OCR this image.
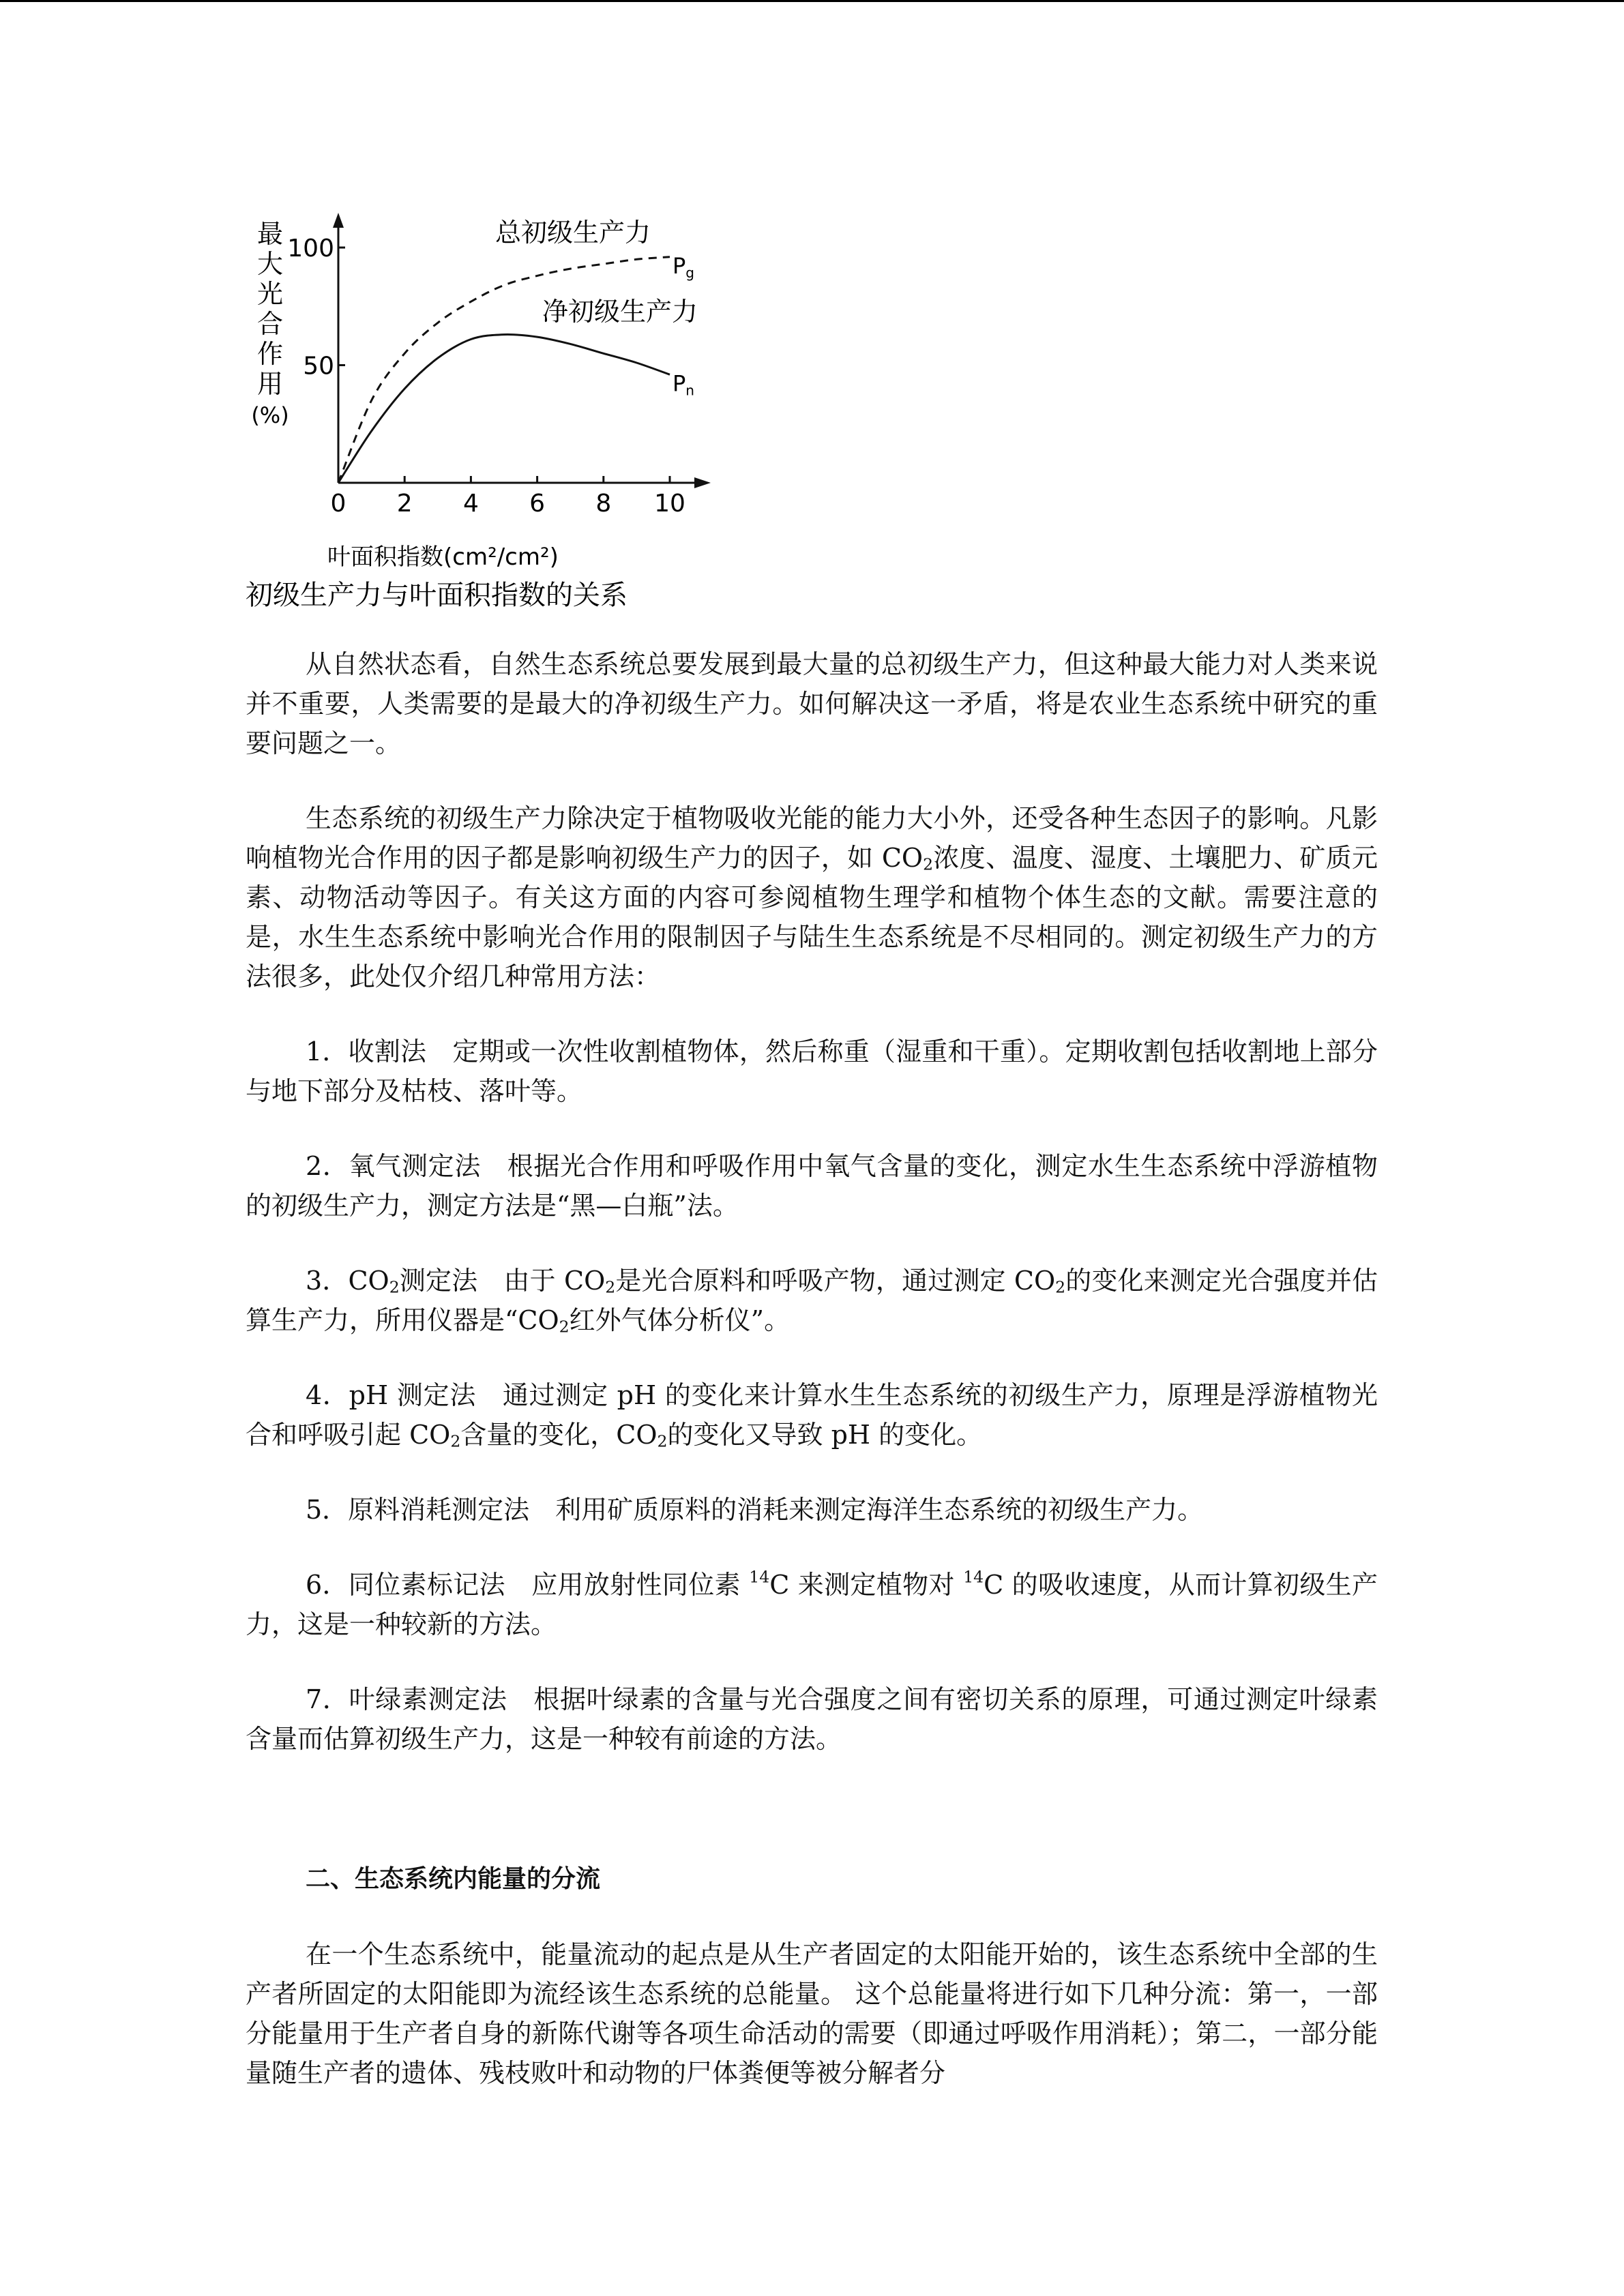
最
大
光
合
作
用
(%)
50
100
0 2 4 6 8 10
Pg
Pn
总初级生产力
净初级生产力
叶面积指数(cm²/cm²)
初级生产力与叶面积指数的关系

从自然状态看，自然生态系统总要发展到最大量的总初级生产力，但这种最大能力对人类来说并不重要，人类需要的是最大的净初级生产力。如何解决这一矛盾，将是农业生态系统中研究的重要问题之一。

生态系统的初级生产力除决定于植物吸收光能的能力大小外，还受各种生态因子的影响。凡影响植物光合作用的因子都是影响初级生产力的因子，如 $CO_2$浓度、温度、湿度、土壤肥力、矿质元素、动物活动等因子。有关这方面的内容可参阅植物生理学和植物个体生态的文献。需要注意的是，水生生态系统中影响光合作用的限制因子与陆生生态系统是不尽相同的。测定初级生产力的方法很多，此处仅介绍几种常用方法：

1．收割法　定期或一次性收割植物体，然后称重（湿重和干重）。定期收割包括收割地上部分与地下部分及枯枝、落叶等。

2．氧气测定法　根据光合作用和呼吸作用中氧气含量的变化，测定水生生态系统中浮游植物的初级生产力，测定方法是“黑—白瓶”法。

3．$CO_2$测定法　由于 $CO_2$是光合原料和呼吸产物，通过测定 $CO_2$的变化来测定光合强度并估算生产力，所用仪器是“$CO_2$红外气体分析仪”。

4．pH 测定法　通过测定 pH 的变化来计算水生生态系统的初级生产力，原理是浮游植物光合和呼吸引起 $CO_2$含量的变化，$CO_2$的变化又导致 pH 的变化。

5．原料消耗测定法　利用矿质原料的消耗来测定海洋生态系统的初级生产力。

6．同位素标记法　应用放射性同位素 $^{14}$C 来测定植物对 $^{14}$C 的吸收速度，从而计算初级生产力，这是一种较新的方法。

7．叶绿素测定法　根据叶绿素的含量与光合强度之间有密切关系的原理，可通过测定叶绿素含量而估算初级生产力，这是一种较有前途的方法。

二、生态系统内能量的分流

在一个生态系统中，能量流动的起点是从生产者固定的太阳能开始的，该生态系统中全部的生产者所固定的太阳能即为流经该生态系统的总能量。 这个总能量将进行如下几种分流：第一，一部分能量用于生产者自身的新陈代谢等各项生命活动的需要（即通过呼吸作用消耗）；第二，一部分能量随生产者的遗体、残枝败叶和动物的尸体粪便等被分解者分
